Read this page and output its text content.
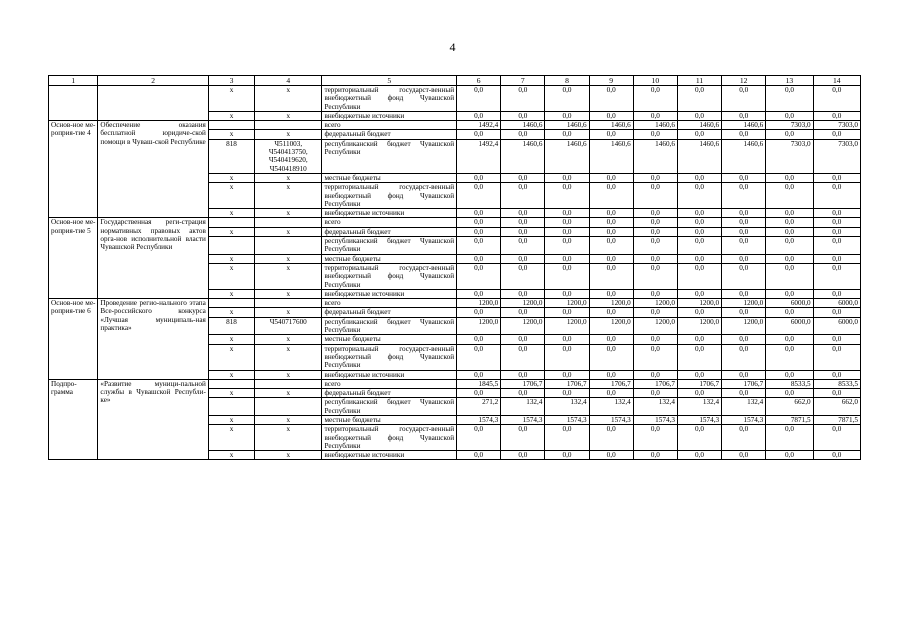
4
1	2	3	4	5	6	7	8	9	10	11	12	13	14
		х	х	территориальный государст-венный внебюджетный фонд Чувашской Республики	0,0	0,0	0,0	0,0	0,0	0,0	0,0	0,0	0,0
		х	х	внебюджетные источники	0,0	0,0	0,0	0,0	0,0	0,0	0,0	0,0	0,0
Основ-ное ме-роприя-тие 4	Обеспечение оказания бесплатной юридиче-ской помощи в Чуваш-ской Республике			всего	1492,4	1460,6	1460,6	1460,6	1460,6	1460,6	1460,6	7303,0	7303,0
		х	х	федеральный бюджет	0,0	0,0	0,0	0,0	0,0	0,0	0,0	0,0	0,0
		818	Ч511003, Ч540413750, Ч540419620, Ч540418910	республиканский бюджет Чувашской Республики	1492,4	1460,6	1460,6	1460,6	1460,6	1460,6	1460,6	7303,0	7303,0
		х	х	местные бюджеты	0,0	0,0	0,0	0,0	0,0	0,0	0,0	0,0	0,0
		х	х	территориальный государст-венный внебюджетный фонд Чувашской Республики	0,0	0,0	0,0	0,0	0,0	0,0	0,0	0,0	0,0
		х	х	внебюджетные источники	0,0	0,0	0,0	0,0	0,0	0,0	0,0	0,0	0,0
Основ-ное ме-роприя-тие 5	Государственная реги-страция нормативных правовых актов орга-нов исполнительной власти Чувашской Республики			всего	0,0	0,0	0,0	0,0	0,0	0,0	0,0	0,0	0,0
		х	х	федеральный бюджет	0,0	0,0	0,0	0,0	0,0	0,0	0,0	0,0	0,0
				республиканский бюджет Чувашской Республики	0,0	0,0	0,0	0,0	0,0	0,0	0,0	0,0	0,0
		х	х	местные бюджеты	0,0	0,0	0,0	0,0	0,0	0,0	0,0	0,0	0,0
		х	х	территориальный государст-венный внебюджетный фонд Чувашской Республики	0,0	0,0	0,0	0,0	0,0	0,0	0,0	0,0	0,0
		х	х	внебюджетные источники	0,0	0,0	0,0	0,0	0,0	0,0	0,0	0,0	0,0
Основ-ное ме-роприя-тие 6	Проведение регио-нального этапа Все-российского конкурса «Лучшая муниципаль-ная практика»			всего	1200,0	1200,0	1200,0	1200,0	1200,0	1200,0	1200,0	6000,0	6000,0
		х	х	федеральный бюджет	0,0	0,0	0,0	0,0	0,0	0,0	0,0	0,0	0,0
		818	Ч540717600	республиканский бюджет Чувашской Республики	1200,0	1200,0	1200,0	1200,0	1200,0	1200,0	1200,0	6000,0	6000,0
		х	х	местные бюджеты	0,0	0,0	0,0	0,0	0,0	0,0	0,0	0,0	0,0
		х	х	территориальный государст-венный внебюджетный фонд Чувашской Республики	0,0	0,0	0,0	0,0	0,0	0,0	0,0	0,0	0,0
		х	х	внебюджетные источники	0,0	0,0	0,0	0,0	0,0	0,0	0,0	0,0	0,0
Подпро-грамма	«Развитие муници-пальной службы в Чувашской Республи-ке»			всего	1845,5	1706,7	1706,7	1706,7	1706,7	1706,7	1706,7	8533,5	8533,5
		х	х	федеральный бюджет	0,0	0,0	0,0	0,0	0,0	0,0	0,0	0,0	0,0
				республиканский бюджет Чувашской Республики	271,2	132,4	132,4	132,4	132,4	132,4	132,4	662,0	662,0
		х	х	местные бюджеты	1574,3	1574,3	1574,3	1574,3	1574,3	1574,3	1574,3	7871,5	7871,5
		х	х	территориальный государст-венный внебюджетный фонд Чувашской Республики	0,0	0,0	0,0	0,0	0,0	0,0	0,0	0,0	0,0
		х	х	внебюджетные источники	0,0	0,0	0,0	0,0	0,0	0,0	0,0	0,0	0,0
